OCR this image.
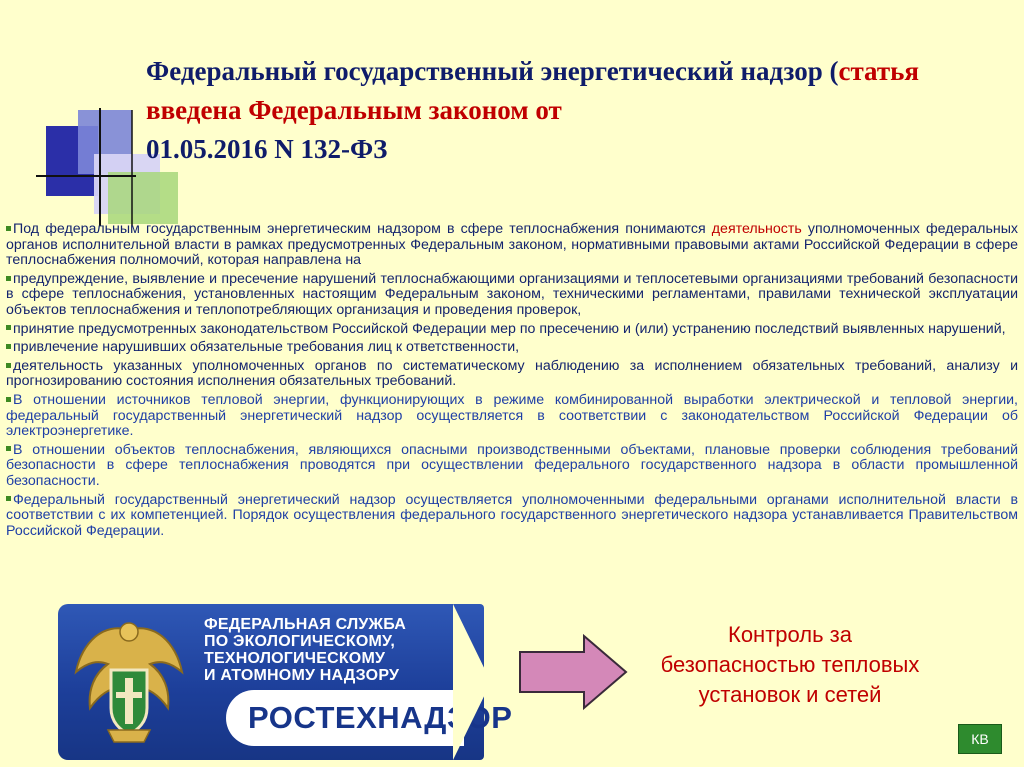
Федеральный государственный энергетический надзор (статья введена Федеральным законом от
01.05.2016 N 132-ФЗ

Под федеральным государственным энергетическим надзором в сфере теплоснабжения понимаются деятельность уполномоченных федеральных органов исполнительной власти в рамках предусмотренных Федеральным законом, нормативными правовыми актами Российской Федерации в сфере теплоснабжения полномочий, которая направлена на

предупреждение, выявление и пресечение нарушений теплоснабжающими организациями и теплосетевыми организациями требований безопасности в сфере теплоснабжения, установленных настоящим Федеральным законом, техническими регламентами, правилами технической эксплуатации объектов теплоснабжения и теплопотребляющих организация и проведения проверок,

принятие предусмотренных законодательством Российской Федерации мер по пресечению и (или) устранению последствий выявленных нарушений,

привлечение нарушивших обязательные требования лиц к ответственности,

деятельность указанных уполномоченных органов по систематическому наблюдению за исполнением обязательных требований, анализу и прогнозированию состояния исполнения обязательных требований.

В отношении источников тепловой энергии, функционирующих в режиме комбинированной выработки электрической и тепловой энергии, федеральный государственный энергетический надзор осуществляется в соответствии с законодательством Российской Федерации об электроэнергетике.

В отношении объектов теплоснабжения, являющихся опасными производственными объектами, плановые проверки соблюдения требований безопасности в сфере теплоснабжения проводятся при осуществлении федерального государственного надзора в области промышленной безопасности.

Федеральный государственный энергетический надзор осуществляется уполномоченными федеральными органами исполнительной власти в соответствии с их компетенцией. Порядок осуществления федерального государственного энергетического надзора устанавливается Правительством Российской Федерации.

ФЕДЕРАЛЬНАЯ СЛУЖБА
ПО ЭКОЛОГИЧЕСКОМУ,
ТЕХНОЛОГИЧЕСКОМУ
И АТОМНОМУ НАДЗОРУ
РОСТЕХНАДЗОР
Контроль за безопасностью тепловых установок и сетей
КВ
